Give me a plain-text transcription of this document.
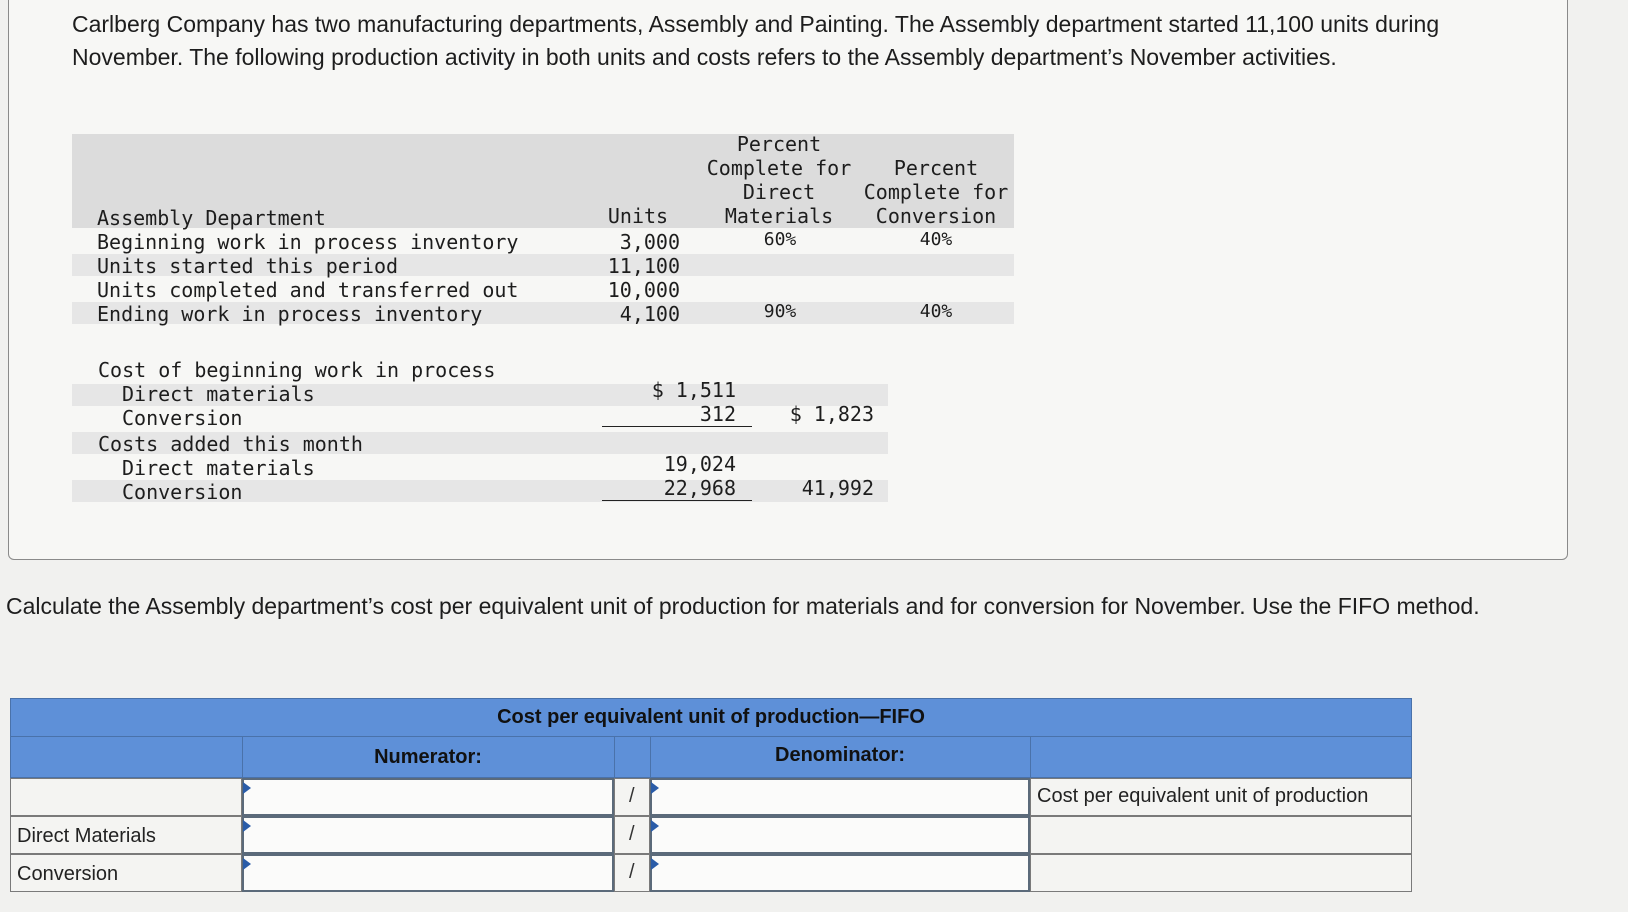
Carlberg Company has two manufacturing departments, Assembly and Painting. The Assembly department started 11,100 units during November. The following production activity in both units and costs refers to the Assembly department’s November activities.

Percent
Complete for
Direct
Materials
Percent
Complete for
Conversion
Assembly Department	Units
Beginning work in process inventory	3,000	60%	40%
Units started this period	11,100
Units completed and transferred out	10,000
Ending work in process inventory	4,100	90%	40%
Cost of beginning work in process
Direct materials	$ 1,511
Conversion	312	$ 1,823
Costs added this month
Direct materials	19,024
Conversion	22,968	41,992

Calculate the Assembly department’s cost per equivalent unit of production for materials and for conversion for November. Use the FIFO method.

Cost per equivalent unit of production—FIFO
Numerator:	Denominator:
/	Cost per equivalent unit of production
Direct Materials	/
Conversion	/
